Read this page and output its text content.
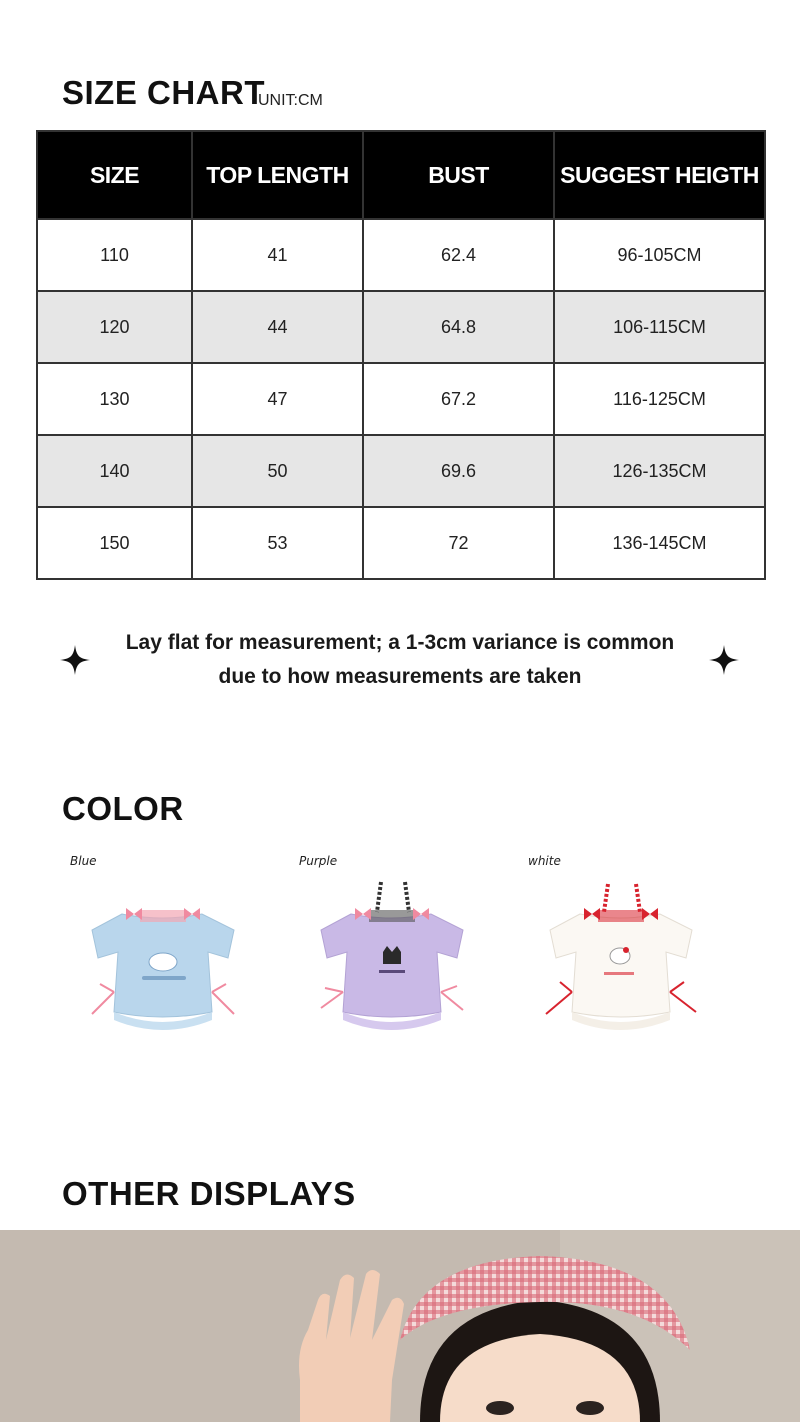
SIZE CHART
UNIT:CM
SIZE	TOP LENGTH	BUST	SUGGEST HEIGTH
110	41	62.4	96-105CM
120	44	64.8	106-115CM
130	47	67.2	116-125CM
140	50	69.6	126-135CM
150	53	72	136-145CM
Lay flat for measurement; a 1-3cm variance is common
due to how measurements are taken
COLOR
Blue	Purple	white
OTHER DISPLAYS
